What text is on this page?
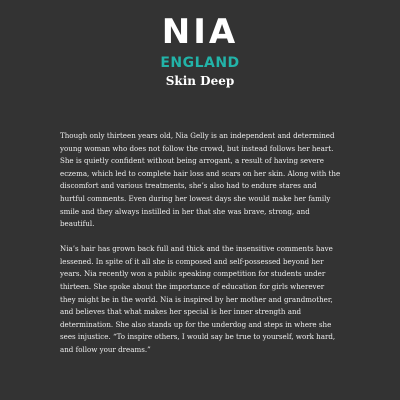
NIA
ENGLAND
Skin Deep

Though only thirteen years old, Nia Gelly is an independent and determined young woman who does not follow the crowd, but instead follows her heart. She is quietly confident without being arrogant, a result of having severe eczema, which led to complete hair loss and scars on her skin. Along with the discomfort and various treatments, she’s also had to endure stares and hurtful comments. Even during her lowest days she would make her family smile and they always instilled in her that she was brave, strong, and beautiful.

Nia’s hair has grown back full and thick and the insensitive comments have lessened. In spite of it all she is composed and self-possessed beyond her years. Nia recently won a public speaking competition for students under thirteen. She spoke about the importance of education for girls wherever they might be in the world. Nia is inspired by her mother and grandmother, and believes that what makes her special is her inner strength and determination. She also stands up for the underdog and steps in where she sees injustice. “To inspire others, I would say be true to yourself, work hard, and follow your dreams.”
